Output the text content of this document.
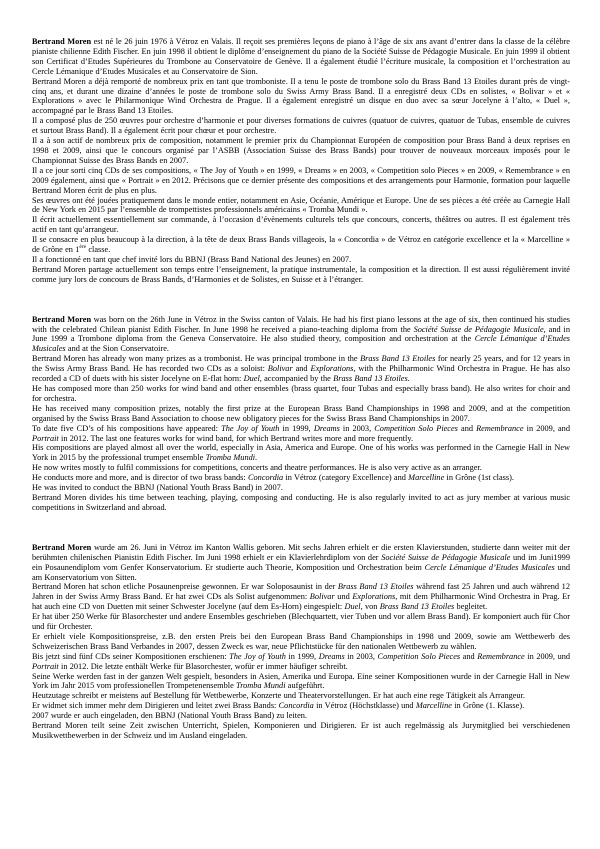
Bertrand Moren est né le 26 juin 1976 à Vétroz en Valais. Il reçoit ses premières leçons de piano à l’âge de six ans avant d’entrer dans la classe de la célèbre pianiste chilienne Edith Fischer. En juin 1998 il obtient le diplôme d’enseignement du piano de la Société Suisse de Pédagogie Musicale. En juin 1999 il obtient son Certificat d’Etudes Supérieures du Trombone au Conservatoire de Genève. Il a également étudié l’écriture musicale, la composition et l’orchestration au Cercle Lémanique d’Etudes Musicales et au Conservatoire de Sion.

Bertrand Moren a déjà remporté de nombreux prix en tant que tromboniste. Il a tenu le poste de trombone solo du Brass Band 13 Etoiles durant près de vingt-cinq ans, et durant une dizaine d’années le poste de trombone solo du Swiss Army Brass Band. Il a enregistré deux CDs en solistes, « Bolivar » et « Explorations » avec le Philarmonique Wind Orchestra de Prague. Il a également enregistré un disque en duo avec sa sœur Jocelyne à l’alto, « Duel », accompagné par le Brass Band 13 Etoiles.

Il a composé plus de 250 œuvres pour orchestre d’harmonie et pour diverses formations de cuivres (quatuor de cuivres, quatuor de Tubas, ensemble de cuivres et surtout Brass Band). Il a également écrit pour chœur et pour orchestre.

Il a à son actif de nombreux prix de composition, notamment le premier prix du Championnat Européen de composition pour Brass Band à deux reprises en 1998 et 2009, ainsi que le concours organisé par l’ASBB (Association Suisse des Brass Bands) pour trouver de nouveaux morceaux imposés pour le Championnat Suisse des Brass Bands en 2007.

Il a ce jour sorti cinq CDs de ses compositions, « The Joy of Youth » en 1999, « Dreams » en 2003, « Competition solo Pieces » en 2009, « Remembrance » en 2009 également, ainsi que « Portrait » en 2012. Précisons que ce dernier présente des compositions et des arrangements pour Harmonie, formation pour laquelle Bertrand Moren écrit de plus en plus.

Ses œuvres ont été jouées pratiquement dans le monde entier, notamment en Asie, Océanie, Amérique et Europe. Une de ses pièces a été créée au Carnegie Hall de New York en 2015 par l’ensemble de trompettistes professionnels américains « Tromba Mundi ».

Il écrit actuellement essentiellement sur commande, à l’occasion d’évènements culturels tels que concours, concerts, théâtres ou autres. Il est également très actif en tant qu’arrangeur.

Il se consacre en plus beaucoup à la direction, à la tête de deux Brass Bands villageois, la « Concordia » de Vétroz en catégorie excellence et la « Marcelline » de Grône en 1ère classe.

Il a fonctionné en tant que chef invité lors du BBNJ (Brass Band National des Jeunes) en 2007.

Bertrand Moren partage actuellement son temps entre l’enseignement, la pratique instrumentale, la composition et la direction. Il est aussi régulièrement invité comme jury lors de concours de Brass Bands, d’Harmonies et de Solistes, en Suisse et à l’étranger.

Bertrand Moren was born on the 26th June in Vétroz in the Swiss canton of Valais. He had his first piano lessons at the age of six, then continued his studies with the celebrated Chilean pianist Edith Fischer. In June 1998 he received a piano-teaching diploma from the Société Suisse de Pédagogie Musicale, and in June 1999 a Trombone diploma from the Geneva Conservatoire. He also studied theory, composition and orchestration at the Cercle Lémanique d’Etudes Musicales and at the Sion Conservatoire.

Bertrand Moren has already won many prizes as a trombonist. He was principal trombone in the Brass Band 13 Etoiles for nearly 25 years, and for 12 years in the Swiss Army Brass Band. He has recorded two CDs as a soloist: Bolivar and Explorations, with the Philharmonic Wind Orchestra in Prague. He has also recorded a CD of duets with his sister Jocelyne on E-flat horn: Duel, accompanied by the Brass Band 13 Etoiles.

He has composed more than 250 works for wind band and other ensembles (brass quartet, four Tubas and especially brass band). He also writes for choir and for orchestra.

He has received many composition prizes, notably the first prize at the European Brass Band Championships in 1998 and 2009, and at the competition organised by the Swiss Brass Band Association to choose new obligatory pieces for the Swiss Brass Band Championships in 2007.

To date five CD’s of his compositions have appeared: The Joy of Youth in 1999, Dreams in 2003, Competition Solo Pieces and Remembrance in 2009, and Portrait in 2012. The last one features works for wind band, for which Bertrand writes more and more frequently.

His compositions are played almost all over the world, especially in Asia, America and Europe. One of his works was performed in the Carnegie Hall in New York in 2015 by the professional trumpet ensemble Tromba Mundi.

He now writes mostly to fulfil commissions for competitions, concerts and theatre performances. He is also very active as an arranger.

He conducts more and more, and is director of two brass bands: Concordia in Vétroz (category Excellence) and Marcelline in Grône (1st class).

He was invited to conduct the BBNJ (National Youth Brass Band) in 2007.

Bertrand Moren divides his time between teaching, playing, composing and conducting. He is also regularly invited to act as jury member at various music competitions in Switzerland and abroad.

Bertrand Moren wurde am 26. Juni in Vétroz im Kanton Wallis geboren. Mit sechs Jahren erhielt er die ersten Klavierstunden, studierte dann weiter mit der berühmten chilenischen Pianistin Edith Fischer. Im Juni 1998 erhielt er ein Klavierlehrdiplom von der Société Suisse de Pédagogie Musicale und im Juni1999 ein Posaunendiplom vom Genfer Konservatorium. Er studierte auch Theorie, Komposition und Orchestration beim Cercle Lémanique d’Etudes Musicales und am Konservatorium von Sitten.

Bertrand Moren hat schon etliche Posaunenpreise gewonnen. Er war Soloposaunist in der Brass Band 13 Etoiles während fast 25 Jahren und auch während 12 Jahren in der Swiss Army Brass Band. Er hat zwei CDs als Solist aufgenommen: Bolivar und Explorations, mit dem Philharmonic Wind Orchestra in Prag. Er hat auch eine CD von Duetten mit seiner Schwester Jocelyne (auf dem Es-Horn) eingespielt: Duel, von Brass Band 13 Etoiles begleitet.

Er hat über 250 Werke für Blasorchester und andere Ensembles geschrieben (Blechquartett, vier Tuben und vor allem Brass Band). Er komponiert auch für Chor und für Orchester.

Er erhielt viele Kompositionspreise, z.B. den ersten Preis bei den European Brass Band Championships in 1998 und 2009, sowie am Wettbewerb des Schweizerischen Brass Band Verbandes in 2007, dessen Zweck es war, neue Pflichtstücke für den nationalen Wettbewerb zu wählen.

Bis jetzt sind fünf CDs seiner Kompositionen erschienen: The Joy of Youth in 1999, Dreams in 2003, Competition Solo Pieces and Remembrance in 2009, und Portrait in 2012. Die letzte enthält Werke für Blasorchester, wofür er immer häufiger schreibt.

Seine Werke werden fast in der ganzen Welt gespielt, besonders in Asien, Amerika und Europa. Eine seiner Kompositionen wurde in der Carnegie Hall in New York im Jahr 2015 vom professionellen Trompetenensemble Tromba Mundi aufgeführt.

Heutzutage schreibt er meistens auf Bestellung für Wettbewerbe, Konzerte und Theatervorstellungen. Er hat auch eine rege Tätigkeit als Arrangeur.

Er widmet sich immer mehr dem Dirigieren und leitet zwei Brass Bands: Concordia in Vétroz (Höchstklasse) und Marcelline in Grône (1. Klasse).

2007 wurde er auch eingeladen, den BBNJ (National Youth Brass Band) zu leiten.

Bertrand Moren teilt seine Zeit zwischen Unterricht, Spielen, Komponieren und Dirigieren. Er ist auch regelmässig als Jurymitglied bei verschiedenen Musikwettbewerben in der Schweiz und im Ausland eingeladen.
